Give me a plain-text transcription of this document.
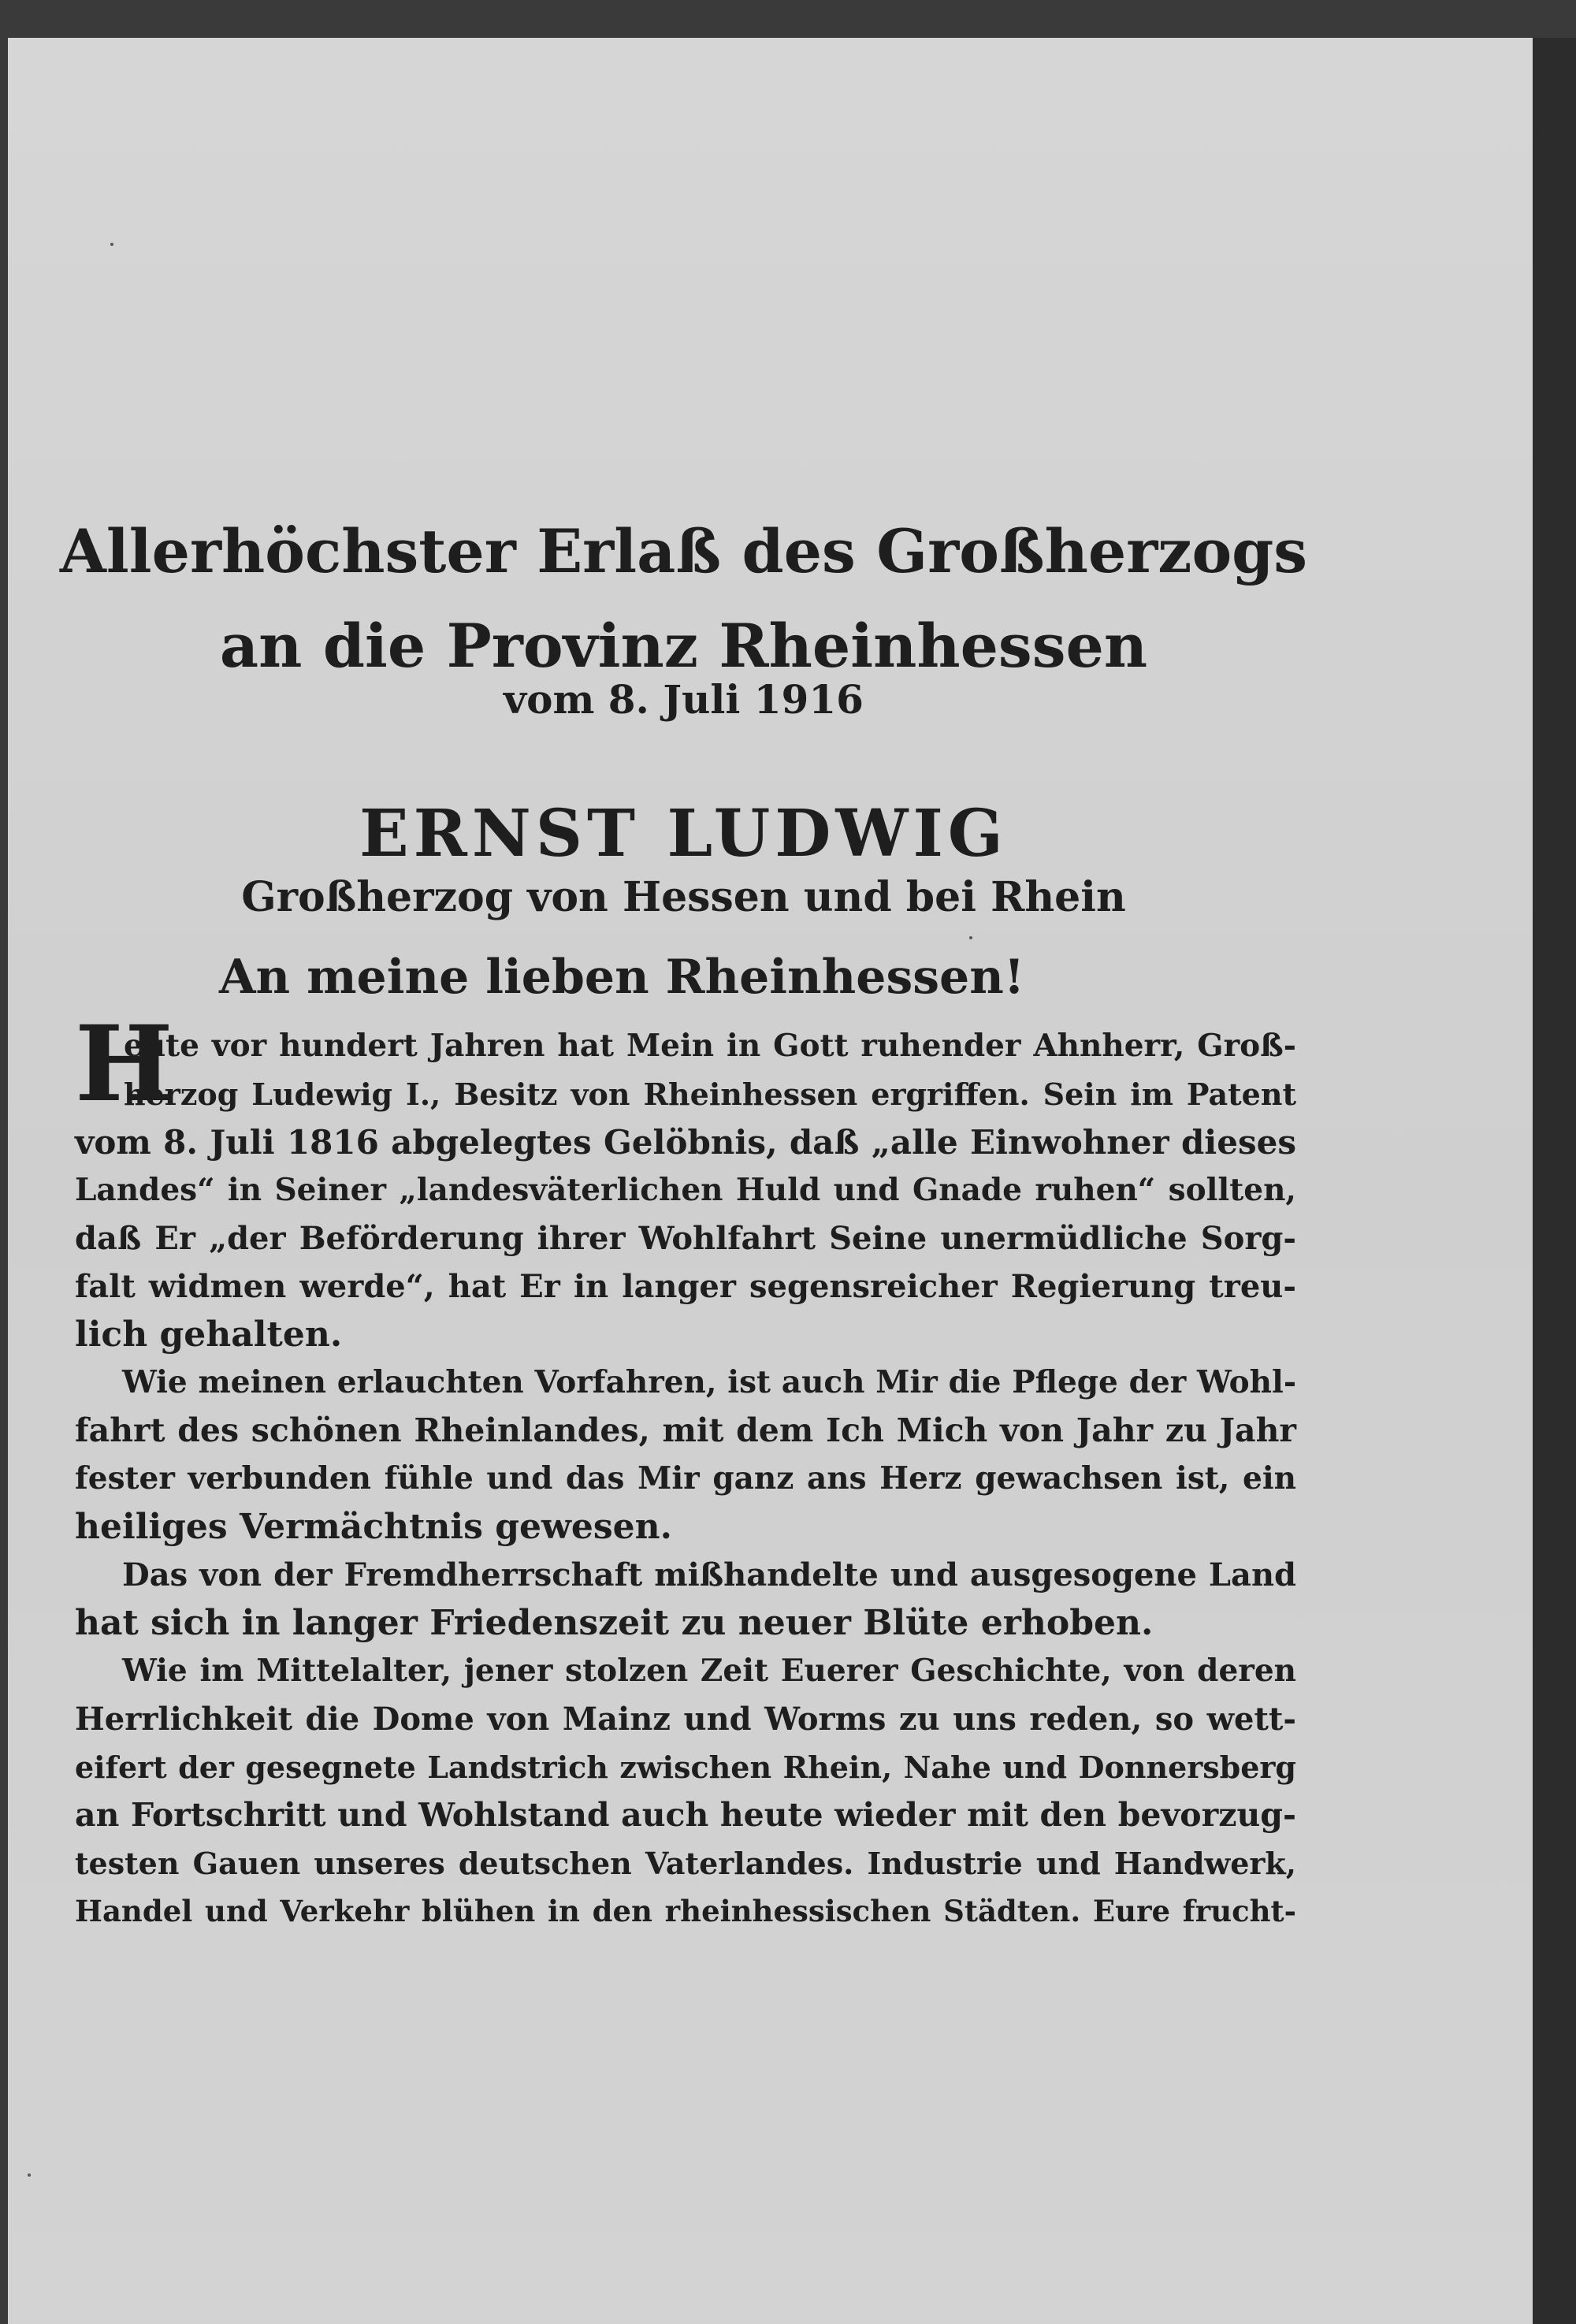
Allerhöchster Erlaß des Großherzogs
an die Provinz Rheinhessen
vom 8. Juli 1916
ERNST LUDWIG
Großherzog von Hessen und bei Rhein
An meine lieben Rheinhessen!
H
eute vor hundert Jahren hat Mein in Gott ruhender Ahnherr, Groß-
herzog Ludewig I., Besitz von Rheinhessen ergriffen. Sein im Patent
vom 8. Juli 1816 abgelegtes Gelöbnis, daß „alle Einwohner dieses
Landes“ in Seiner „landesväterlichen Huld und Gnade ruhen“ sollten,
daß Er „der Beförderung ihrer Wohlfahrt Seine unermüdliche Sorg-
falt widmen werde“, hat Er in langer segensreicher Regierung treu-
lich gehalten.
Wie meinen erlauchten Vorfahren, ist auch Mir die Pflege der Wohl-
fahrt des schönen Rheinlandes, mit dem Ich Mich von Jahr zu Jahr
fester verbunden fühle und das Mir ganz ans Herz gewachsen ist, ein
heiliges Vermächtnis gewesen.
Das von der Fremdherrschaft mißhandelte und ausgesogene Land
hat sich in langer Friedenszeit zu neuer Blüte erhoben.
Wie im Mittelalter, jener stolzen Zeit Euerer Geschichte, von deren
Herrlichkeit die Dome von Mainz und Worms zu uns reden, so wett-
eifert der gesegnete Landstrich zwischen Rhein, Nahe und Donnersberg
an Fortschritt und Wohlstand auch heute wieder mit den bevorzug-
testen Gauen unseres deutschen Vaterlandes. Industrie und Handwerk,
Handel und Verkehr blühen in den rheinhessischen Städten. Eure frucht-
